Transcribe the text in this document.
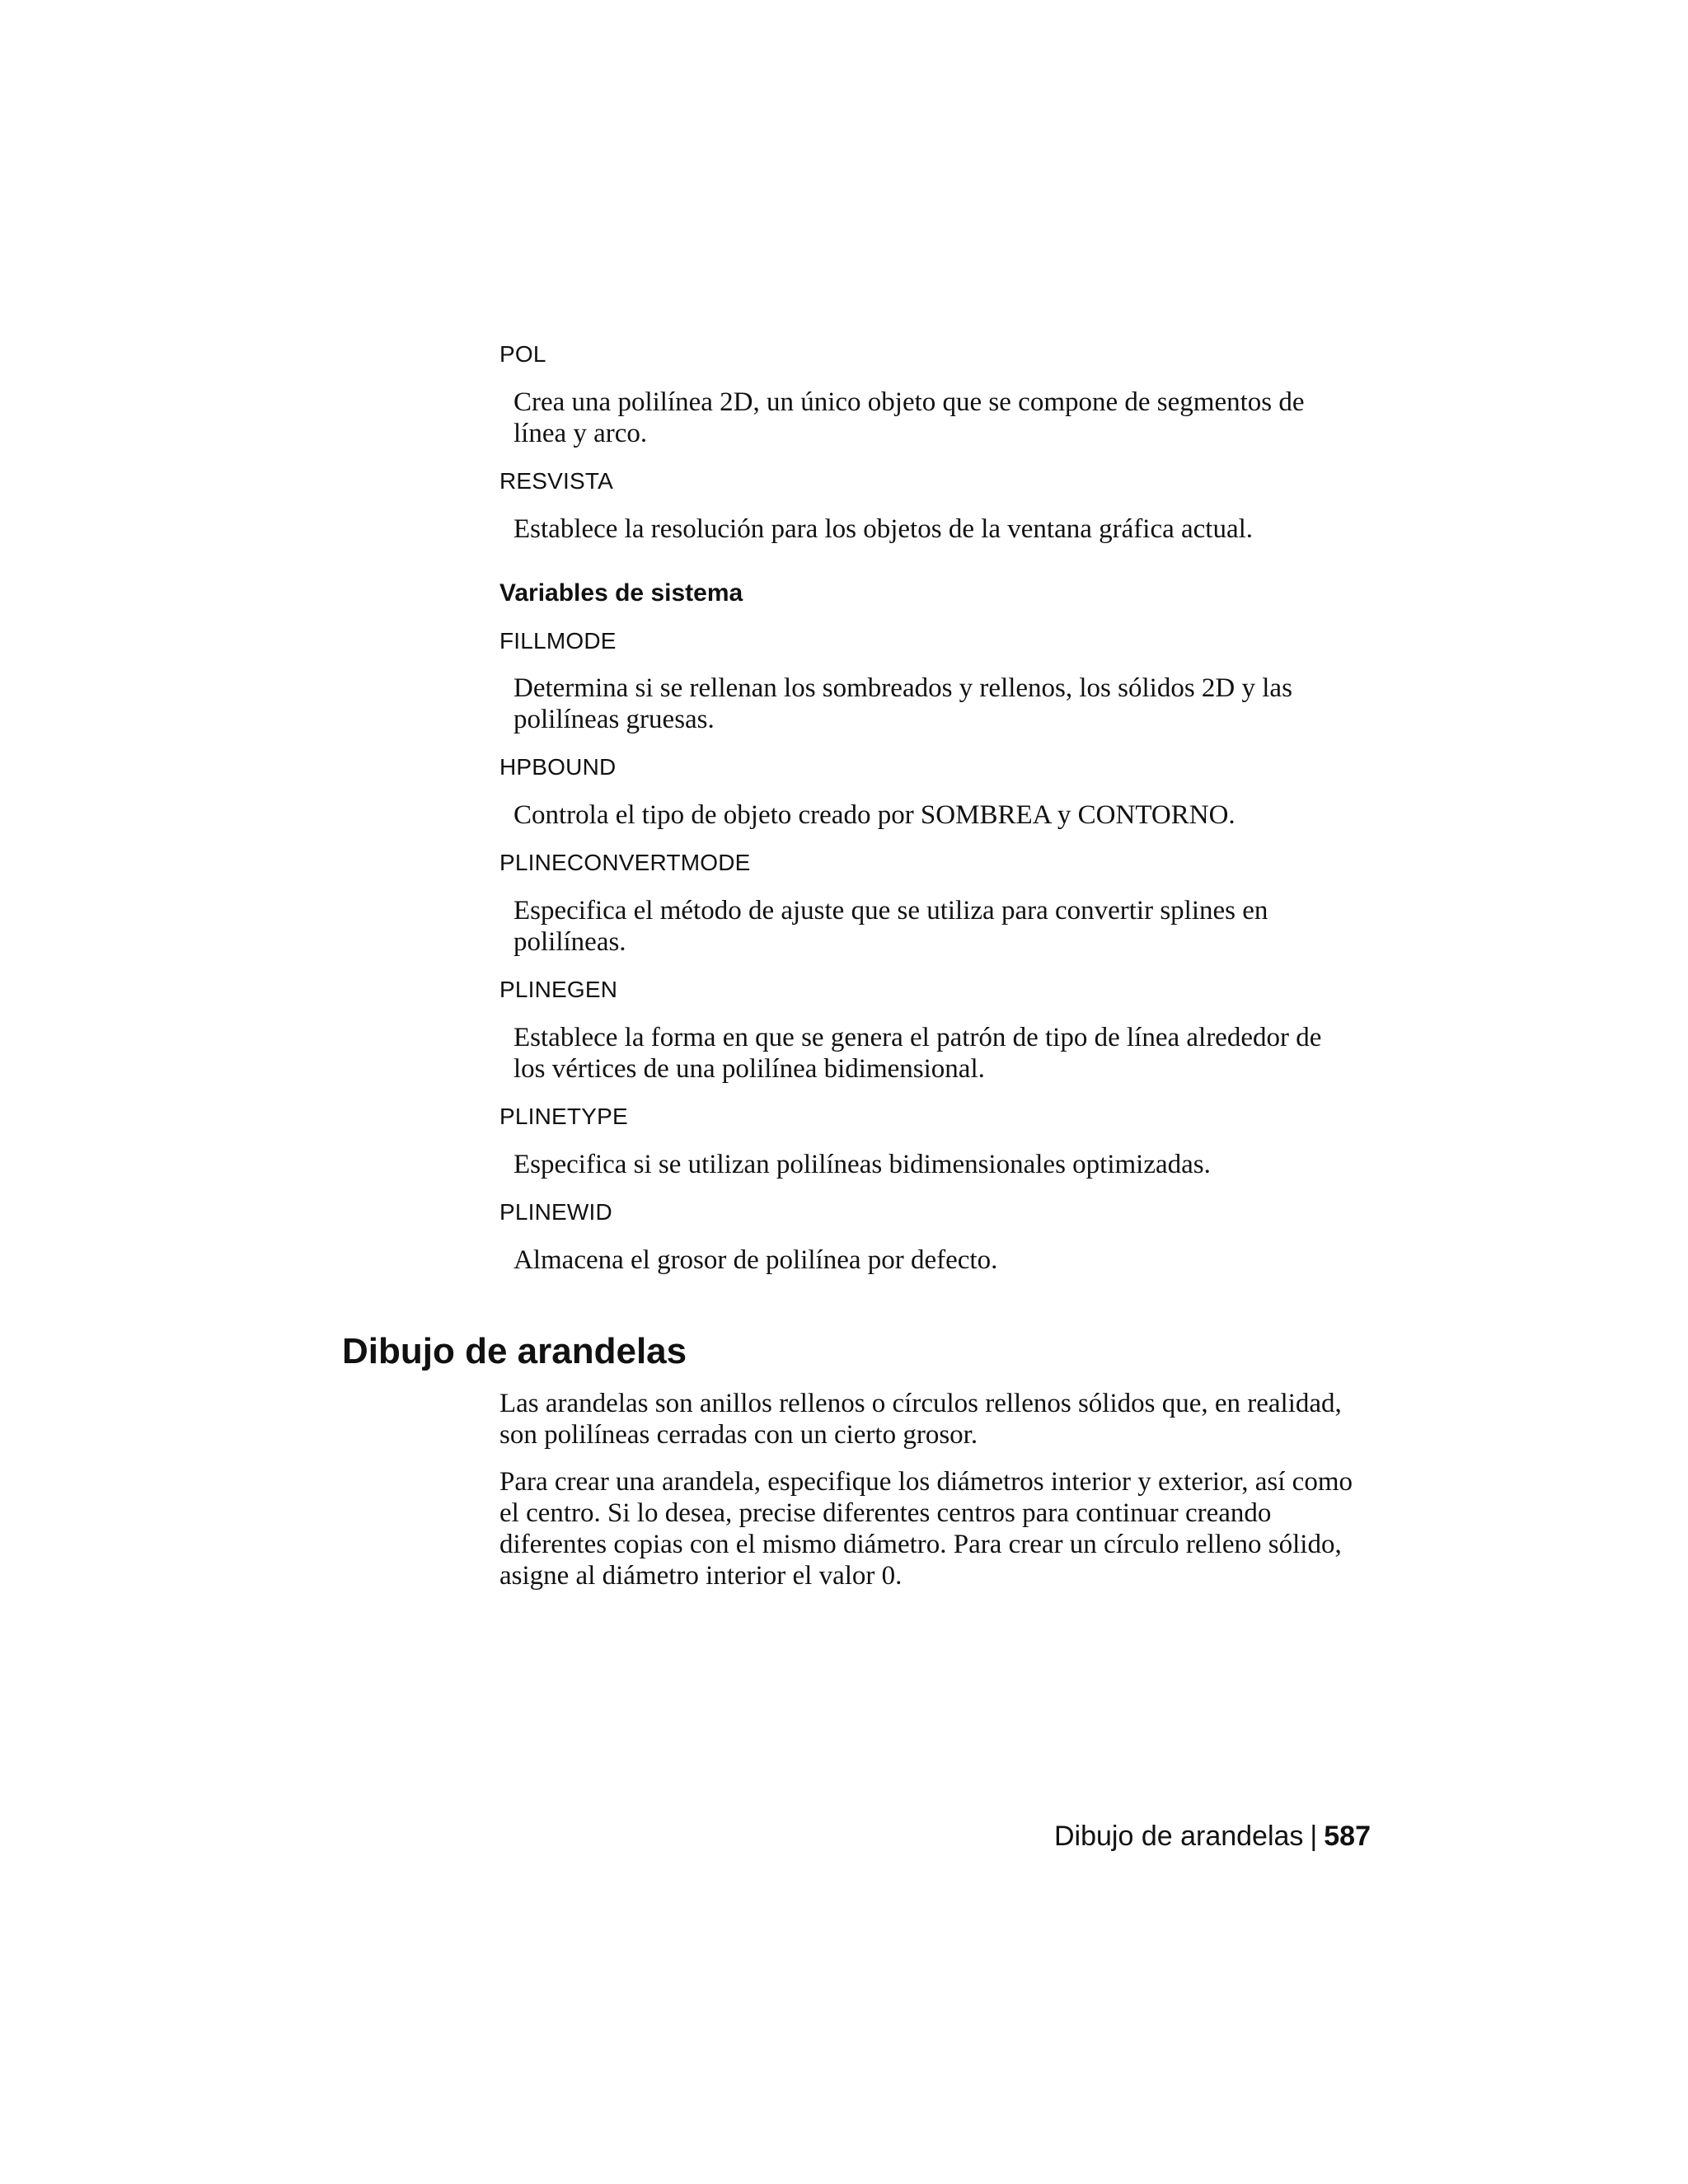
POL

Crea una polilínea 2D, un único objeto que se compone de segmentos de

línea y arco.

RESVISTA

Establece la resolución para los objetos de la ventana gráfica actual.

Variables de sistema

FILLMODE

Determina si se rellenan los sombreados y rellenos, los sólidos 2D y las

polilíneas gruesas.

HPBOUND

Controla el tipo de objeto creado por SOMBREA y CONTORNO.

PLINECONVERTMODE

Especifica el método de ajuste que se utiliza para convertir splines en

polilíneas.

PLINEGEN

Establece la forma en que se genera el patrón de tipo de línea alrededor de

los vértices de una polilínea bidimensional.

PLINETYPE

Especifica si se utilizan polilíneas bidimensionales optimizadas.

PLINEWID

Almacena el grosor de polilínea por defecto.

Dibujo de arandelas

Las arandelas son anillos rellenos o círculos rellenos sólidos que, en realidad,

son polilíneas cerradas con un cierto grosor.

Para crear una arandela, especifique los diámetros interior y exterior, así como

el centro. Si lo desea, precise diferentes centros para continuar creando

diferentes copias con el mismo diámetro. Para crear un círculo relleno sólido,

asigne al diámetro interior el valor 0.

Dibujo de arandelas | 587
